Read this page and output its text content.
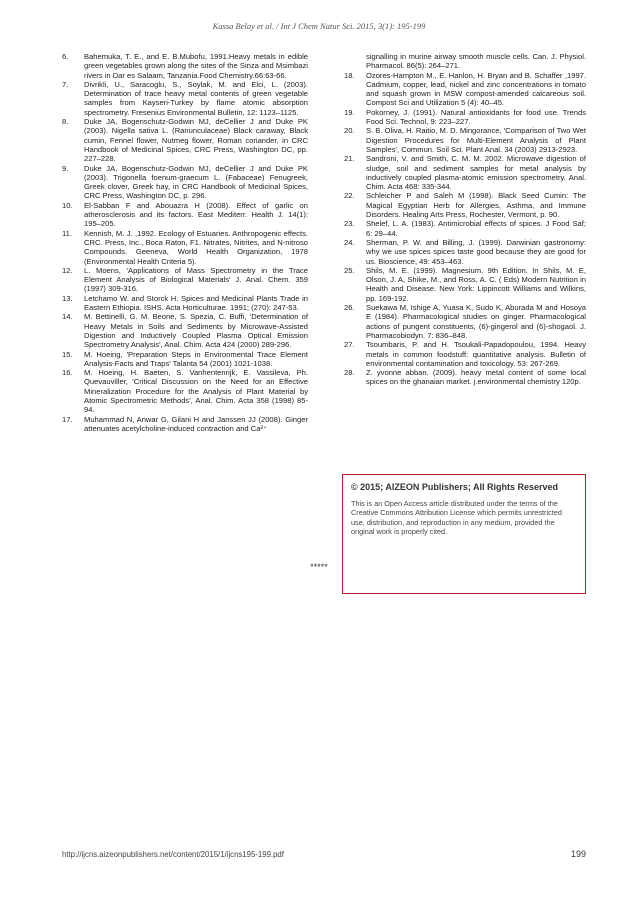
Kassa Belay et al. / Int J Chem Natur Sci. 2015, 3(1): 195-199
6.	Bahemuka, T. E., and E. B.Mubofu, 1991.Heavy metals in edible green vegetables grown along the sites of the Sinza and Msimbazi rivers in Dar es Salaam, Tanzania.Food Chemistry.66:63-66.
7.	Divrikli, U., Saracoglu, S., Soylak, M. and Elci, L. (2003). Determination of trace heavy metal contents of green vegetable samples from Kayseri-Turkey by flame atomic absorption spectrometry. Fresenius Environmental Bulletin, 12: 1123–1125.
8.	Duke JA, Bogenschutz-Godwin MJ, deCellier J and Duke PK (2003). Nigella sativa L. (Ranunculaceae) Black caraway, Black cumin, Fennel flower, Nutmeg flower, Roman coriander, in CRC Handbook of Medicinal Spices, CRC Press, Washington DC, pp. 227–228.
9.	Duke JA, Bogenschutz-Godwin MJ, deCellier J and Duke PK (2003). Trigonella foenum-graecum L. (Fabaceae) Fenugreek, Greek clover, Greek hay, in CRC Handbook of Medicinal Spices, CRC Press, Washington DC, p. 296.
10.	El-Sabban F and Abouazra H (2008). Effect of garlic on atherosclerosis and its factors. East Mediterr. Health J. 14(1): 195–205.
11.	Kennish, M. J. ,1992. Ecology of Estuaries. Anthropogenic effects. CRC. Press, Inc., Boca Raton, F1. Nitrates, Nitrites, and N-nitroso Compounds. Geeneva, World Health Organization, 1978 (Environmental Health Criteria 5).
12.	L. Moens, 'Applications of Mass Spectrometry in the Trace Element Analysis of Biological Materials' J. Anal. Chem. 359 (1997) 309-316.
13.	Letchamo W. and Storck H. Spices and Medicinal Plants Trade in Eastern Ethiopia. ISHS. Acta Horticulturae. 1991; (270): 247-53.
14.	M. Bettinelli, G. M. Beone, S. Spezia, C. Buffi, 'Determination of Heavy Metals in Soils and Sediments by Microwave-Assisted Digestion and Inductively Coupled Plasma Optical Emission Spectrometry Analysis', Anal. Chim. Acta 424 (2000) 289-296.
15.	M. Hoeing, 'Preparation Steps in Environmental Trace Element Analysis-Facts and Traps' Talanta 54 (2001) 1021-1038.
16.	M. Hoeing, H. Baeten, S. Vanhentenrijk, E. Vassileva, Ph. Quevauviller, 'Critical Discussion on the Need for an Effective Mineralization Procedure for the Analysis of Plant Material by Atomic Spectrometric Methods', Anal. Chim. Acta 358 (1998) 85-94.
17.	Muhammad N, Anwar G, Gilani H and Janssen JJ (2008). Ginger attenuates acetylcholine-induced contraction and Ca²⁺
signalling in murine airway smooth muscle cells. Can. J. Physiol. Pharmacol. 86(5): 264–271.
18.	Ozores-Hampton M., E. Hanlon, H. Bryan and B. Schaffer ,1997. Cadmium, copper, lead, nickel and zinc concentrations in tomato and squash grown in MSW compost-amended calcareous soil. Compost Sci and Utilization 5 (4): 40–45.
19.	Pokorney, J. (1991). Natural antioxidants for food use. Trends Food Sci. Technol, 9: 223–227.
20.	S. B. Oliva, H. Raitio, M. D. Mingorance, 'Comparison of Two Wet Digestion Procedures for Multi-Element Analysis of Plant Samples', Commun. Soil Sci. Plant Anal. 34 (2003) 2913-2923.
21.	Sandroni, V. and Smith, C. M. M. 2002. Microwave digestion of sludge, soil and sediment samples for metal analysis by inductively coupled plasma-atomic emission spectrometry. Anal. Chim. Acta 468: 335-344.
22.	Schleicher P and Saleh M (1998). Black Seed Cumin: The Magical Egyptian Herb for Allergies, Asthma, and Immune Disorders. Healing Arts Press, Rochester, Vermont, p. 90.
23.	Shelef, L. A. (1983). Antimicrobial effects of spices. J Food Saf; 6: 29–44.
24.	Sherman, P. W. and Billing, J. (1999). Darwinian gastronomy: why we use spices spices taste good because they are good for us. Bioscience, 49: 453–463.
25.	Shils, M. E. (1999). Magnesium. 9th Edition. In Shils, M. E, Olson, J. A, Shike, M., and Ross, A. C. ( Eds) Modern Nutrition in Health and Disease. New York: Lippincott Williams and Wilkins, pp. 169-192.
26.	Suekawa M, Ishige A, Yuasa K, Sudo K, Aburada M and Hosoya E (1984). Pharmacological studies on ginger. Pharmacological actions of pungent constituents, (6)-gingerol and (6)-shogaol. J. Pharmacobiodyn. 7: 836–848.
27.	Tsoumbaris, P. and H. Tsoukali-Papadopoulou, 1994. Heavy metals in common foodstuff: quantitative analysis. Bulletin of environmental contamination and toxicology. 53: 267-269.
28.	Z. yvonne abban. (2009). heavy metal content of some local spices on the ghanaian market. j.environmental chemistry 120p.
© 2015; AIZEON Publishers; All Rights Reserved
This is an Open Access article distributed under the terms of the Creative Commons Attribution License which permits unrestricted use, distribution, and reproduction in any medium, provided the original work is properly cited.
*****
http://ijcns.aizeonpublishers.net/content/2015/1/ijcns195-199.pdf	199
